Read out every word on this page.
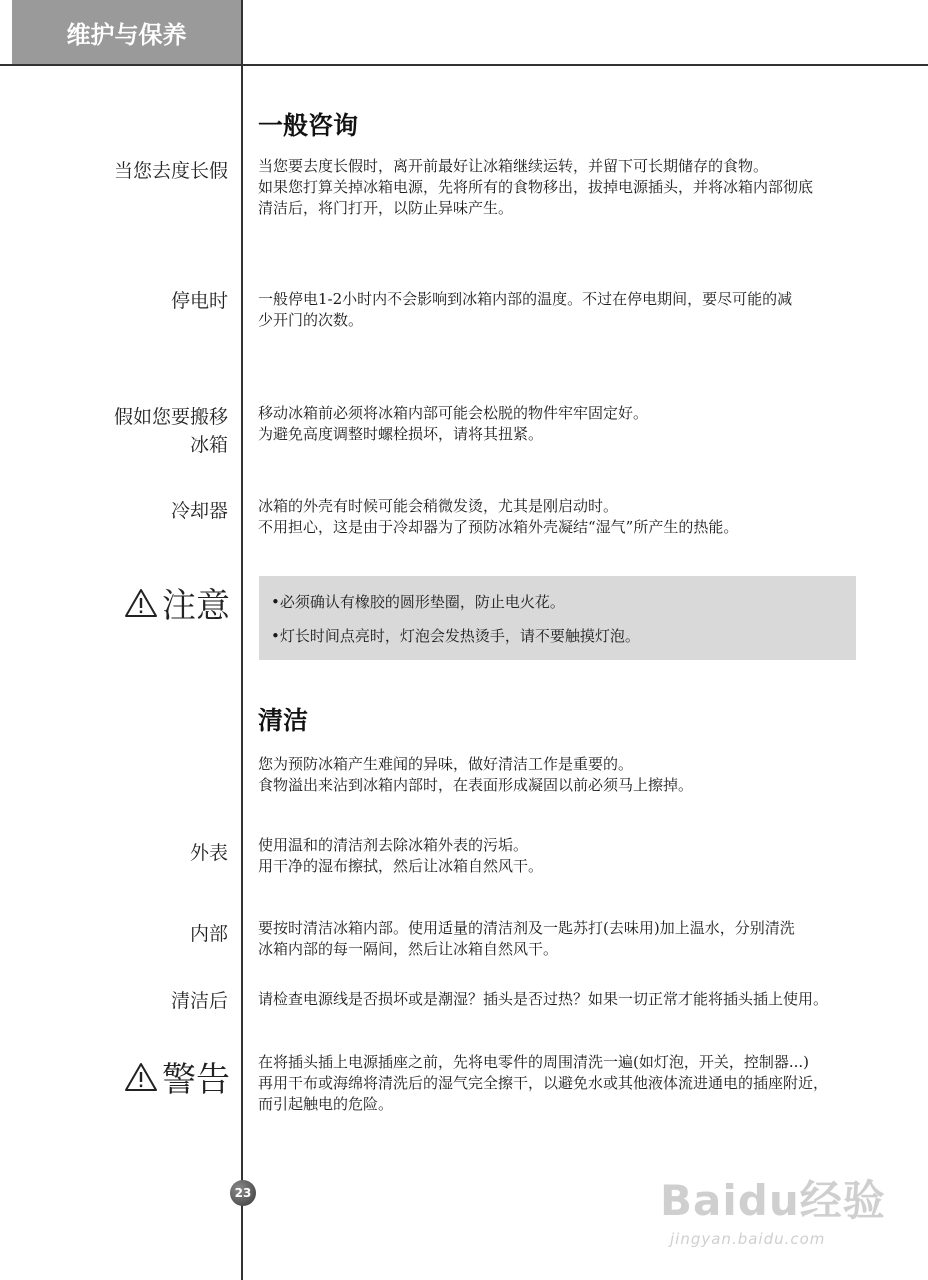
维护与保养
一般咨询
当您去度长假 当您要去度长假时，离开前最好让冰箱继续运转，并留下可长期储存的食物。
如果您打算关掉冰箱电源，先将所有的食物移出，拔掉电源插头，并将冰箱内部彻底
清洁后，将门打开，以防止异味产生。
停电时 一般停电1-2小时内不会影响到冰箱内部的温度。不过在停电期间，要尽可能的减
少开门的次数。
假如您要搬移
冰箱
移动冰箱前必须将冰箱内部可能会松脱的物件牢牢固定好。
为避免高度调整时螺栓损坏，请将其扭紧。
冷却器 冰箱的外壳有时候可能会稍微发烫，尤其是刚启动时。
不用担心，这是由于冷却器为了预防冰箱外壳凝结“湿气”所产生的热能。
注意	•必须确认有橡胶的圆形垫圈，防止电火花。
•灯长时间点亮时，灯泡会发热烫手，请不要触摸灯泡。
清洁
您为预防冰箱产生难闻的异味，做好清洁工作是重要的。
食物溢出来沾到冰箱内部时，在表面形成凝固以前必须马上擦掉。
外表 使用温和的清洁剂去除冰箱外表的污垢。
用干净的湿布擦拭，然后让冰箱自然风干。
内部 要按时清洁冰箱内部。使用适量的清洁剂及一匙苏打(去味用)加上温水，分别清洗
冰箱内部的每一隔间，然后让冰箱自然风干。
清洁后 请检查电源线是否损坏或是潮湿？插头是否过热？如果一切正常才能将插头插上使用。
警告 在将插头插上电源插座之前，先将电零件的周围清洗一遍(如灯泡，开关，控制器...)
再用干布或海绵将清洗后的湿气完全擦干，以避免水或其他液体流进通电的插座附近，
而引起触电的危险。
23	Baidu经验
jingyan.baidu.com
